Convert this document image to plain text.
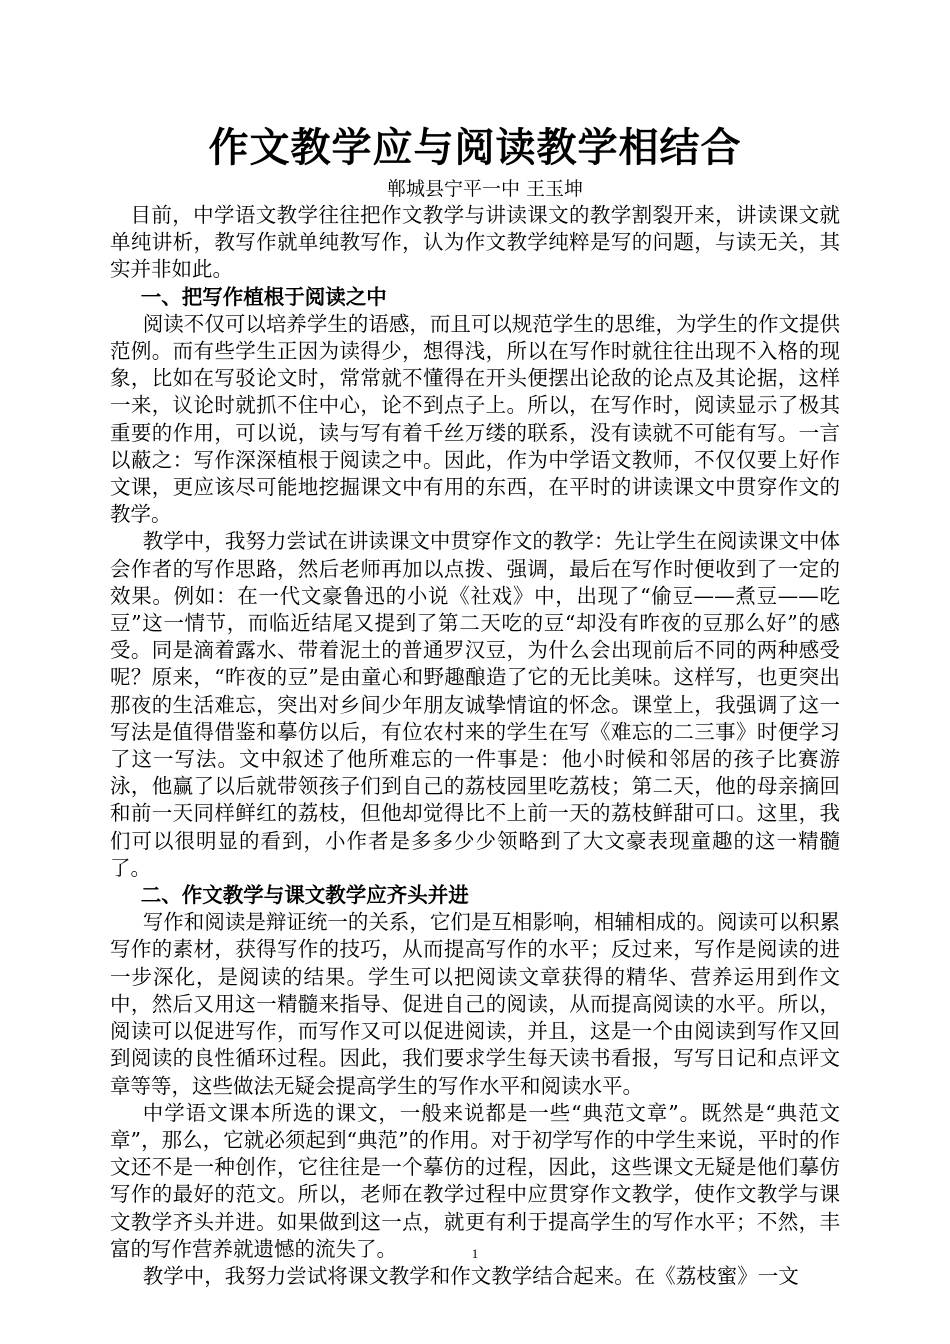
作文教学应与阅读教学相结合

郸城县宁平一中 王玉坤

目前，中学语文教学往往把作文教学与讲读课文的教学割裂开来，讲读课文就单纯讲析，教写作就单纯教写作，认为作文教学纯粹是写的问题，与读无关，其实并非如此。

一、把写作植根于阅读之中

阅读不仅可以培养学生的语感，而且可以规范学生的思维，为学生的作文提供范例。而有些学生正因为读得少，想得浅，所以在写作时就往往出现不入格的现象，比如在写驳论文时，常常就不懂得在开头便摆出论敌的论点及其论据，这样一来，议论时就抓不住中心，论不到点子上。所以，在写作时，阅读显示了极其重要的作用，可以说，读与写有着千丝万缕的联系，没有读就不可能有写。一言以蔽之：写作深深植根于阅读之中。因此，作为中学语文教师，不仅仅要上好作文课，更应该尽可能地挖掘课文中有用的东西，在平时的讲读课文中贯穿作文的教学。

教学中，我努力尝试在讲读课文中贯穿作文的教学：先让学生在阅读课文中体会作者的写作思路，然后老师再加以点拨、强调，最后在写作时便收到了一定的效果。例如：在一代文豪鲁迅的小说《社戏》中，出现了“偷豆——煮豆——吃豆”这一情节，而临近结尾又提到了第二天吃的豆“却没有昨夜的豆那么好”的感受。同是滴着露水、带着泥土的普通罗汉豆，为什么会出现前后不同的两种感受呢？原来，“昨夜的豆”是由童心和野趣酿造了它的无比美味。这样写，也更突出那夜的生活难忘，突出对乡间少年朋友诚挚情谊的怀念。课堂上，我强调了这一写法是值得借鉴和摹仿以后，有位农村来的学生在写《难忘的二三事》时便学习了这一写法。文中叙述了他所难忘的一件事是：他小时候和邻居的孩子比赛游泳，他赢了以后就带领孩子们到自己的荔枝园里吃荔枝；第二天，他的母亲摘回和前一天同样鲜红的荔枝，但他却觉得比不上前一天的荔枝鲜甜可口。这里，我们可以很明显的看到，小作者是多多少少领略到了大文豪表现童趣的这一精髓了。

二、作文教学与课文教学应齐头并进

写作和阅读是辩证统一的关系，它们是互相影响，相辅相成的。阅读可以积累写作的素材，获得写作的技巧，从而提高写作的水平；反过来，写作是阅读的进一步深化，是阅读的结果。学生可以把阅读文章获得的精华、营养运用到作文中，然后又用这一精髓来指导、促进自己的阅读，从而提高阅读的水平。所以，阅读可以促进写作，而写作又可以促进阅读，并且，这是一个由阅读到写作又回到阅读的良性循环过程。因此，我们要求学生每天读书看报，写写日记和点评文章等等，这些做法无疑会提高学生的写作水平和阅读水平。

中学语文课本所选的课文，一般来说都是一些“典范文章”。既然是“典范文章”，那么，它就必须起到“典范”的作用。对于初学写作的中学生来说，平时的作文还不是一种创作，它往往是一个摹仿的过程，因此，这些课文无疑是他们摹仿写作的最好的范文。所以，老师在教学过程中应贯穿作文教学，使作文教学与课文教学齐头并进。如果做到这一点，就更有利于提高学生的写作水平；不然，丰富的写作营养就遗憾的流失了。

教学中，我努力尝试将课文教学和作文教学结合起来。在《荔枝蜜》一文

1
